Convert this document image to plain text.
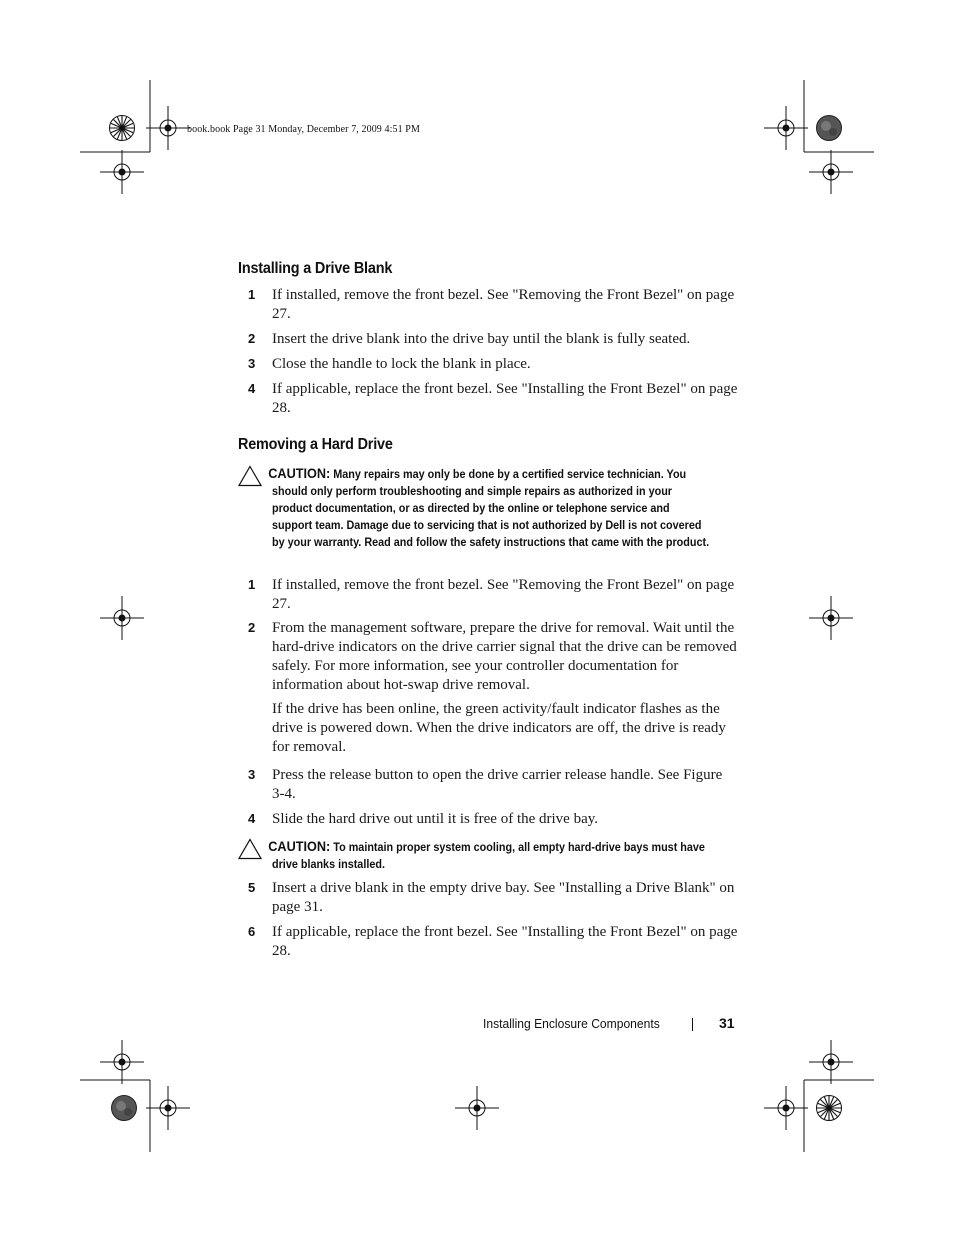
book.book Page 31 Monday, December 7, 2009 4:51 PM
Installing a Drive Blank
1 If installed, remove the front bezel. See "Removing the Front Bezel" on page 27.
2 Insert the drive blank into the drive bay until the blank is fully seated.
3 Close the handle to lock the blank in place.
4 If applicable, replace the front bezel. See "Installing the Front Bezel" on page 28.
Removing a Hard Drive
CAUTION: Many repairs may only be done by a certified service technician. You should only perform troubleshooting and simple repairs as authorized in your product documentation, or as directed by the online or telephone service and support team. Damage due to servicing that is not authorized by Dell is not covered by your warranty. Read and follow the safety instructions that came with the product.
1 If installed, remove the front bezel. See "Removing the Front Bezel" on page 27.
2 From the management software, prepare the drive for removal. Wait until the hard-drive indicators on the drive carrier signal that the drive can be removed safely. For more information, see your controller documentation for information about hot-swap drive removal.
If the drive has been online, the green activity/fault indicator flashes as the drive is powered down. When the drive indicators are off, the drive is ready for removal.
3 Press the release button to open the drive carrier release handle. See Figure 3-4.
4 Slide the hard drive out until it is free of the drive bay.
CAUTION: To maintain proper system cooling, all empty hard-drive bays must have drive blanks installed.
5 Insert a drive blank in the empty drive bay. See "Installing a Drive Blank" on page 31.
6 If applicable, replace the front bezel. See "Installing the Front Bezel" on page 28.
Installing Enclosure Components	31
